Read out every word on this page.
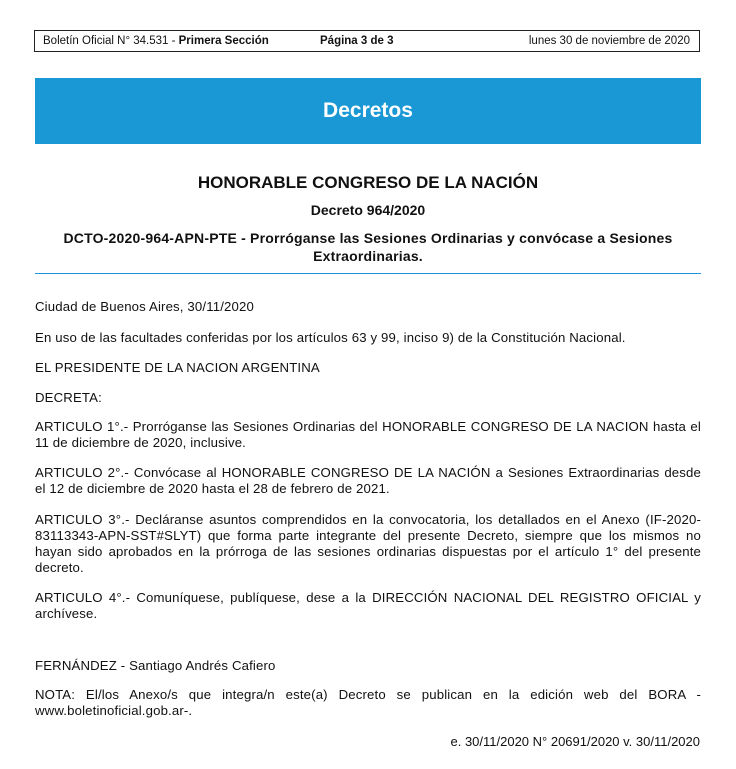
Boletín Oficial N° 34.531 - Primera Sección	Página 3 de 3	lunes 30 de noviembre de 2020
Decretos
HONORABLE CONGRESO DE LA NACIÓN
Decreto 964/2020
DCTO-2020-964-APN-PTE - Prorróganse las Sesiones Ordinarias y convócase a Sesiones Extraordinarias.

Ciudad de Buenos Aires, 30/11/2020

En uso de las facultades conferidas por los artículos 63 y 99, inciso 9) de la Constitución Nacional.

EL PRESIDENTE DE LA NACION ARGENTINA

DECRETA:

ARTICULO 1°.- Prorróganse las Sesiones Ordinarias del HONORABLE CONGRESO DE LA NACION hasta el 11 de diciembre de 2020, inclusive.

ARTICULO 2°.- Convócase al HONORABLE CONGRESO DE LA NACIÓN a Sesiones Extraordinarias desde el 12 de diciembre de 2020 hasta el 28 de febrero de 2021.

ARTICULO 3°.- Decláranse asuntos comprendidos en la convocatoria, los detallados en el Anexo (IF-2020-83113343-APN-SST#SLYT) que forma parte integrante del presente Decreto, siempre que los mismos no hayan sido aprobados en la prórroga de las sesiones ordinarias dispuestas por el artículo 1° del presente decreto.

ARTICULO 4°.- Comuníquese, publíquese, dese a la DIRECCIÓN NACIONAL DEL REGISTRO OFICIAL y archívese.

FERNÁNDEZ - Santiago Andrés Cafiero

NOTA: El/los Anexo/s que integra/n este(a) Decreto se publican en la edición web del BORA - www.boletinoficial.gob.ar-.

e. 30/11/2020 N° 20691/2020 v. 30/11/2020
